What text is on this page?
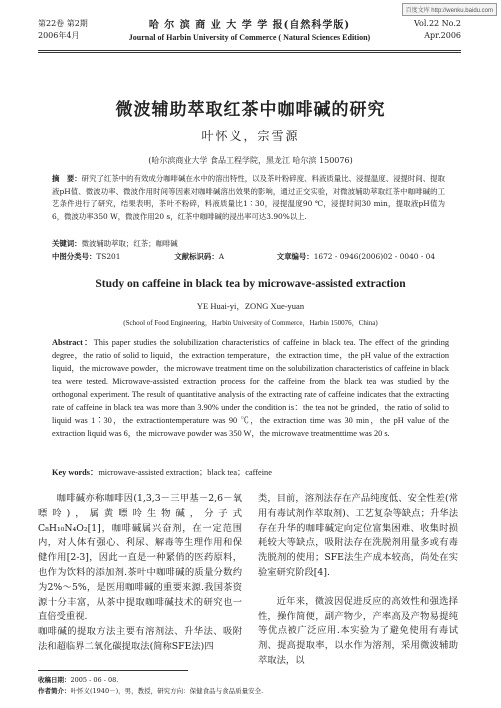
百度文库 http://wenku.baidu.com
第22卷 第2期
2006年4月
哈 尔 滨 商 业 大 学 学 报(自然科学版)
Journal of Harbin University of Commerce ( Natural Sciences Edition)
Vol.22 No.2
Apr.2006
微波辅助萃取红茶中咖啡碱的研究
叶怀义，宗雪源
(哈尔滨商业大学 食品工程学院，黑龙江 哈尔滨 150076)
摘　要：研究了红茶中的有效成分咖啡碱在水中的溶出特性，以及茶叶粉碎度、料液质量比、浸提温度、浸提时间、提取液pH值、微波功率、微波作用时间等因素对咖啡碱溶出效果的影响，通过正交实验，对微波辅助萃取红茶中咖啡碱的工艺条件进行了研究，结果表明，茶叶不粉碎，料液质量比1∶30，浸提温度90 ℃，浸提时间30 min，提取液pH值为6，微波功率350 W，微波作用20 s，红茶中咖啡碱的浸出率可达3.90%以上.
关键词：微波辅助萃取；红茶；咖啡碱
中图分类号：TS201	文献标识码：A	文章编号：1672 - 0946(2006)02 - 0040 - 04
Study on caffeine in black tea by microwave-assisted extraction
YE Huai-yi，ZONG Xue-yuan
(School of Food Engineering，Harbin University of Commerce，Harbin 150076，China)
Abstract：This paper studies the solubilization characteristics of caffeine in black tea. The effect of the grinding degree，the ratio of solid to liquid，the extraction temperature，the extraction time，the pH value of the extraction liquid，the microwave powder，the microwave treatment time on the solubilization characteristics of caffeine in black tea were tested. Microwave-assisted extraction process for the caffeine from the black tea was studied by the orthogonal experiment. The result of quantitative analysis of the extracting rate of caffeine indicates that the extracting rate of caffeine in black tea was more than 3.90% under the condition is：the tea not be grinded，the ratio of solid to liquid was 1∶30，the extractiontemperature was 90 ℃，the extraction time was 30 min，the pH value of the extraction liquid was 6，the microwave powder was 350 W，the microwave treatmenttime was 20 s.
Key words：microwave-assisted extraction；black tea；caffeine
咖啡碱亦称咖啡因(1,3,3－三甲基－2,6－氧嘌呤)，属黄嘌呤生物碱，分子式C₈H₁₀N₄O₂[1]，咖啡碱属兴奋剂，在一定范围内，对人体有强心、利尿、解毒等生理作用和保健作用[2-3]，因此一直是一种紧俏的医药原料，也作为饮料的添加剂.茶叶中咖啡碱的质量分数约为2%～5%，是医用咖啡碱的重要来源.我国茶资源十分丰富，从茶中提取咖啡碱技术的研究也一直倍受重视.
咖啡碱的提取方法主要有溶剂法、升华法、吸附法和超临界二氧化碳提取法(简称SFE法)四

类，目前，溶剂法存在产品纯度低、安全性差(常用有毒试剂作萃取剂)、工艺复杂等缺点；升华法存在升华的咖啡碱定向定位富集困难、收集时损耗较大等缺点，吸附法存在洗脱剂用量多或有毒洗脱剂的使用；SFE法生产成本较高，尚处在实验室研究阶段[4].

近年来，微波因促进反应的高效性和强选择性，操作简便，副产物少，产率高及产物易提纯等优点被广泛应用.本实验为了避免使用有毒试剂、提高提取率，以水作为溶剂，采用微波辅助萃取法，以

收稿日期：2005 - 06 - 08.
作者简介：叶怀义(1940－)，男，教授，研究方向：保健食品与食品质量安全.
